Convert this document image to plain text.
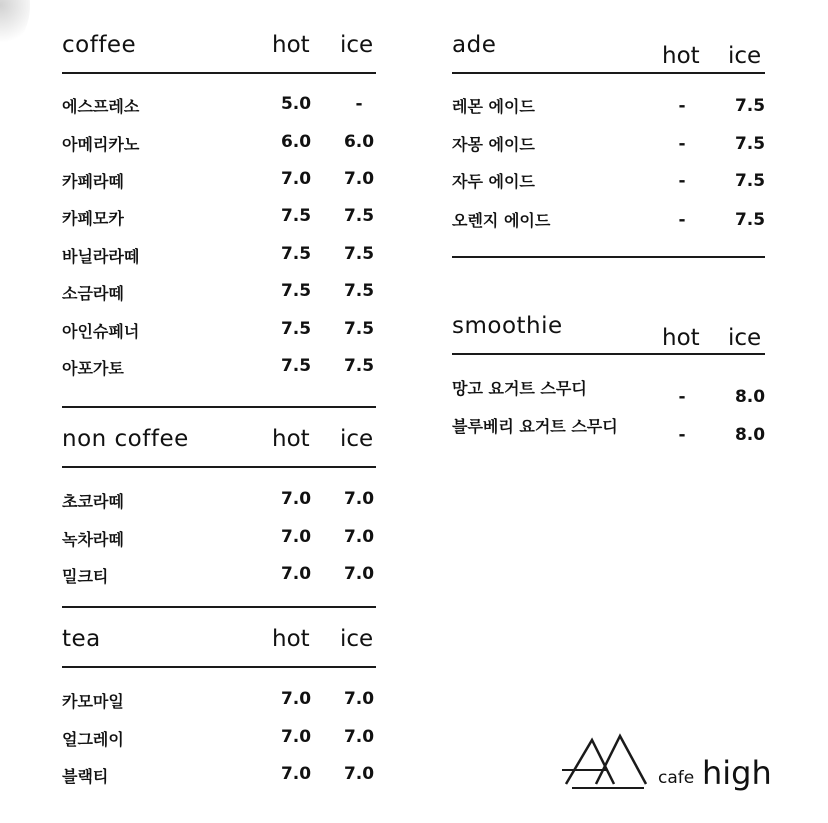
coffee	hot ice
에스프레소	5.0	-
아메리카노	6.0	6.0
카페라떼	7.0	7.0
카페모카	7.5	7.5
바닐라라떼	7.5	7.5
소금라떼	7.5	7.5
아인슈페너	7.5	7.5
아포가토	7.5	7.5
non coffee	hot ice
초코라떼	7.0	7.0
녹차라떼	7.0	7.0
밀크티	7.0	7.0
tea	hot ice
카모마일	7.0	7.0
얼그레이	7.0	7.0
블랙티	7.0	7.0
ade	hot ice
레몬 에이드	-	7.5
자몽 에이드	-	7.5
자두 에이드	-	7.5
오렌지 에이드	-	7.5
smoothie	hot ice
망고 요거트 스무디	-	8.0
블루베리 요거트 스무디	-	8.0
cafe high
